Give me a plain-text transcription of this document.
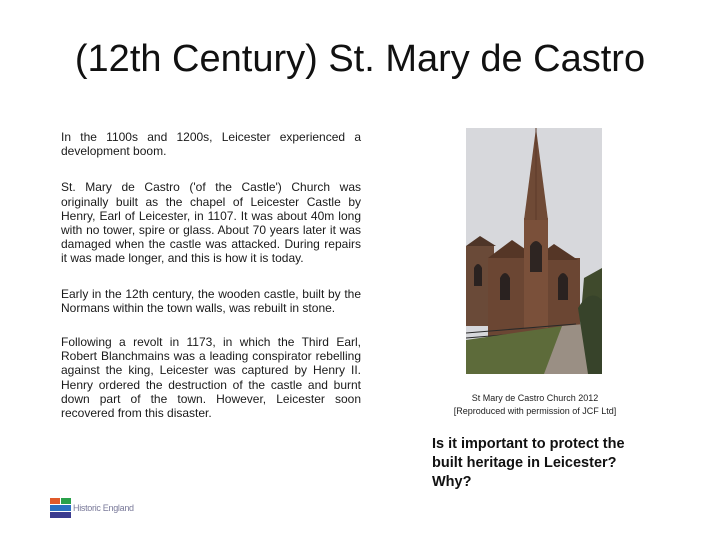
(12th Century) St. Mary de Castro

In the 1100s and 1200s, Leicester experienced a development boom.

St. Mary de Castro ('of the Castle') Church was originally built as the chapel of Leicester Castle by Henry, Earl of Leicester, in 1107. It was about 40m long with no tower, spire or glass. About 70 years later it was damaged when the castle was attacked. During repairs it was made longer, and this is how it is today.

Early in the 12th century, the wooden castle, built by the Normans within the town walls, was rebuilt in stone.

Following a revolt in 1173, in which the Third Earl, Robert Blanchmains was a leading conspirator rebelling against the king, Leicester was captured by Henry II. Henry ordered the destruction of the castle and burnt down part of the town. However, Leicester soon recovered from this disaster.

St Mary de Castro Church 2012
[Reproduced with permission of JCF Ltd]
Is it important to protect the built heritage in Leicester? Why?
Historic England
